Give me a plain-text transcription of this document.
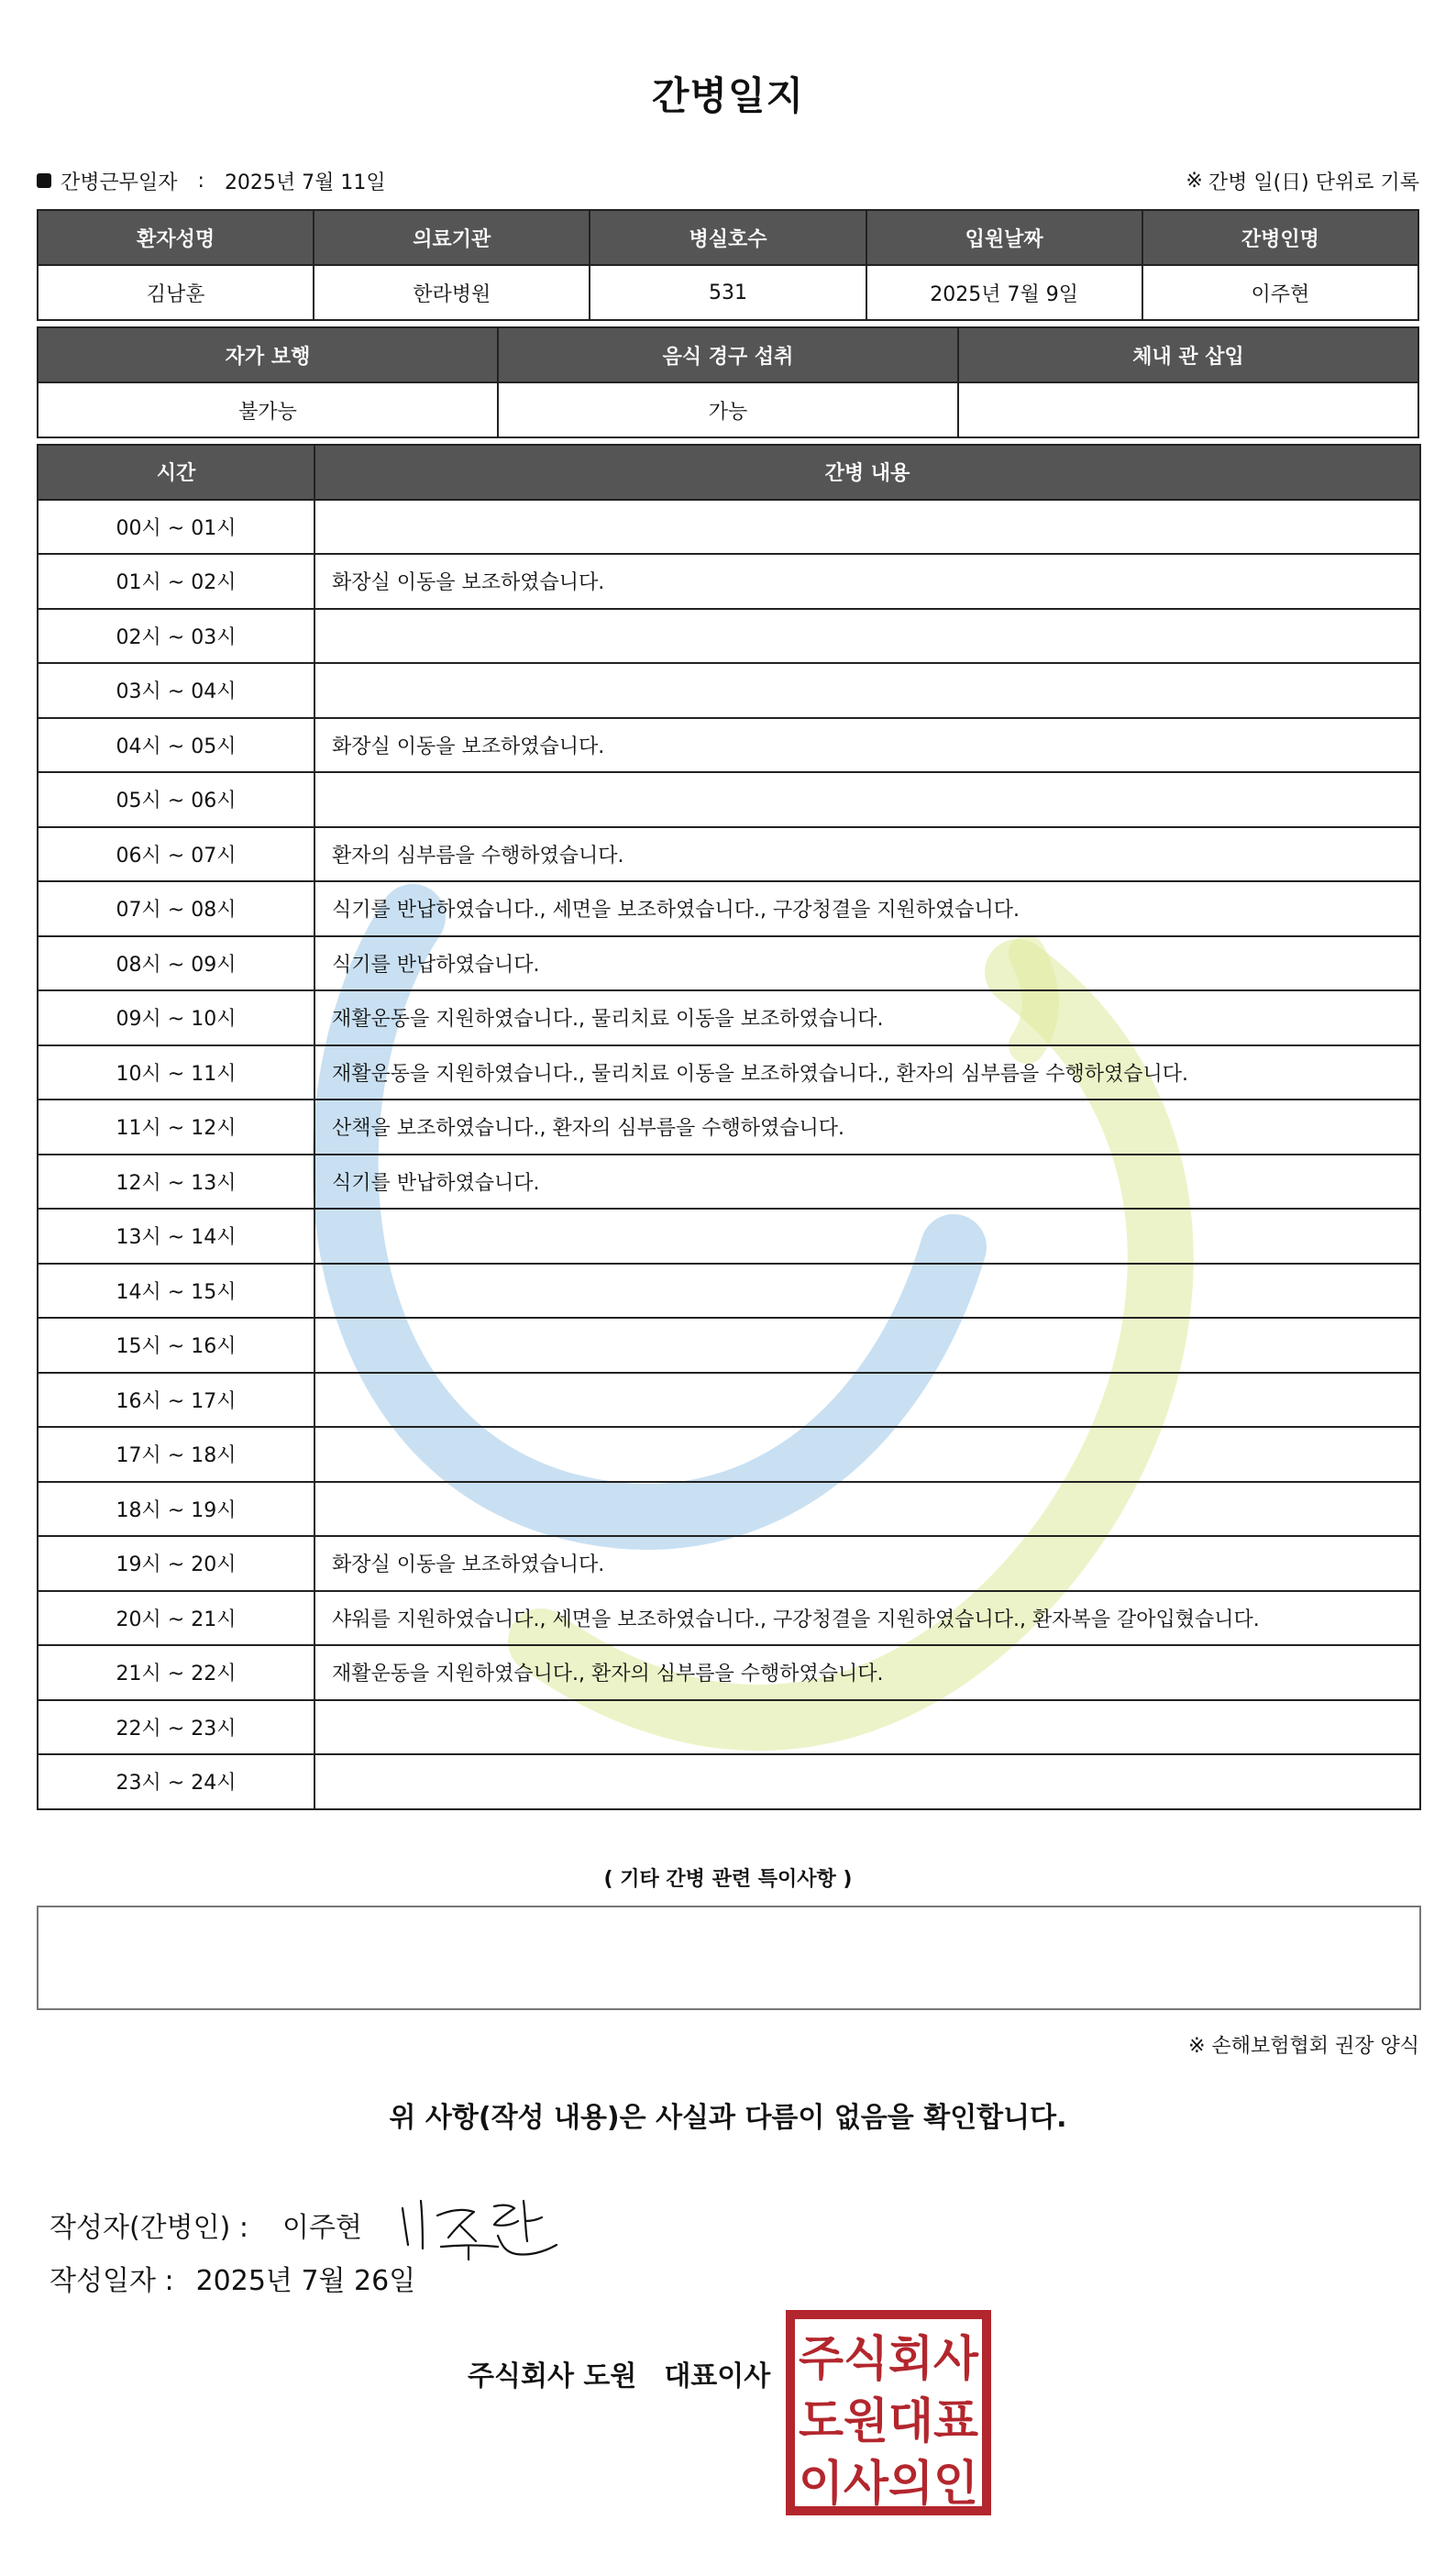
간병일지
간병근무일자 : 2025년 7월 11일	※ 간병 일(日) 단위로 기록
환자성명	의료기관	병실호수	입원날짜	간병인명
김남훈	한라병원	531	2025년 7월 9일	이주현
자가 보행	음식 경구 섭취	체내 관 삽입
불가능	가능	
시간	간병 내용
00시 ~ 01시	
01시 ~ 02시	화장실 이동을 보조하였습니다.
02시 ~ 03시	
03시 ~ 04시	
04시 ~ 05시	화장실 이동을 보조하였습니다.
05시 ~ 06시	
06시 ~ 07시	환자의 심부름을 수행하였습니다.
07시 ~ 08시	식기를 반납하였습니다., 세면을 보조하였습니다., 구강청결을 지원하였습니다.
08시 ~ 09시	식기를 반납하였습니다.
09시 ~ 10시	재활운동을 지원하였습니다., 물리치료 이동을 보조하였습니다.
10시 ~ 11시	재활운동을 지원하였습니다., 물리치료 이동을 보조하였습니다., 환자의 심부름을 수행하였습니다.
11시 ~ 12시	산책을 보조하였습니다., 환자의 심부름을 수행하였습니다.
12시 ~ 13시	식기를 반납하였습니다.
13시 ~ 14시	
14시 ~ 15시	
15시 ~ 16시	
16시 ~ 17시	
17시 ~ 18시	
18시 ~ 19시	
19시 ~ 20시	화장실 이동을 보조하였습니다.
20시 ~ 21시	샤워를 지원하였습니다., 세면을 보조하였습니다., 구강청결을 지원하였습니다., 환자복을 갈아입혔습니다.
21시 ~ 22시	재활운동을 지원하였습니다., 환자의 심부름을 수행하였습니다.
22시 ~ 23시	
23시 ~ 24시	
( 기타 간병 관련 특이사항 )
※ 손해보험협회 권장 양식
위 사항(작성 내용)은 사실과 다름이 없음을 확인합니다.
작성자(간병인) :	이주현
작성일자 : 2025년 7월 26일
주식회사 도원 대표이사 주식회사
도원대표
이사의인
